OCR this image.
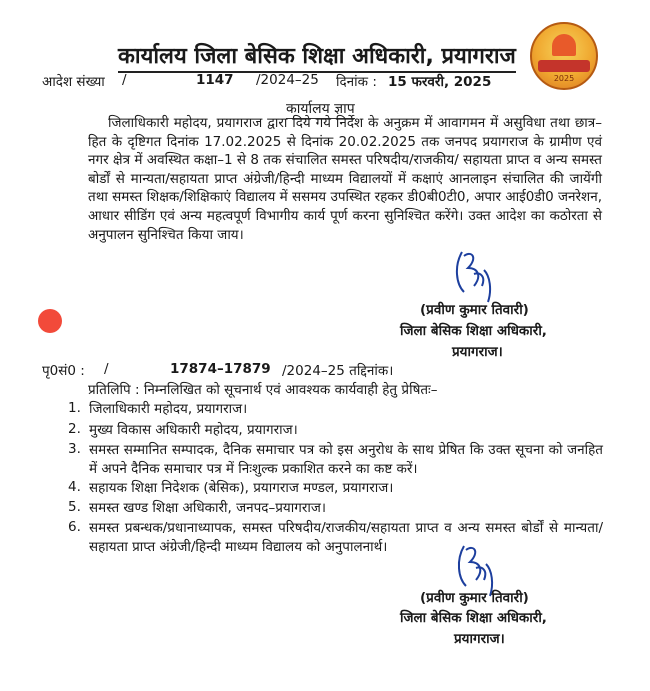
कार्यालय जिला बेसिक शिक्षा अधिकारी, प्रयागराज
2025
आदेश संख्या /	1147 /2024–25 दिनांक : 15 फरवरी, 2025
कार्यालय ज्ञाप
जिलाधिकारी महोदय, प्रयागराज द्वारा दिये गये निर्देश के अनुक्रम में आवागमन में असुविधा तथा छात्र–हित के दृष्टिगत दिनांक 17.02.2025 से दिनांक 20.02.2025 तक जनपद प्रयागराज के ग्रामीण एवं नगर क्षेत्र में अवस्थित कक्षा–1 से 8 तक संचालित समस्त परिषदीय/राजकीय/ सहायता प्राप्त व अन्य समस्त बोर्डों से मान्यता/सहायता प्राप्त अंग्रेजी/हिन्दी माध्यम विद्यालयों में कक्षाएं आनलाइन संचालित की जायेंगी तथा समस्त शिक्षक/शिक्षिकाएं विद्यालय में ससमय उपस्थित रहकर डी0बी0टी0, अपार आई0डी0 जनरेशन, आधार सीडिंग एवं अन्य महत्वपूर्ण विभागीय कार्य पूर्ण करना सुनिश्चित करेंगे। उक्त आदेश का कठोरता से अनुपालन सुनिश्चित किया जाय।
(प्रवीण कुमार तिवारी)
जिला बेसिक शिक्षा अधिकारी,
प्रयागराज।
पृ0सं0 : /	17874–17879 /2024–25 तद्दिनांक।
प्रतिलिपि : निम्नलिखित को सूचनार्थ एवं आवश्यक कार्यवाही हेतु प्रेषितः–
1. जिलाधिकारी महोदय, प्रयागराज।
2. मुख्य विकास अधिकारी महोदय, प्रयागराज।
3. समस्त सम्मानित सम्पादक, दैनिक समाचार पत्र को इस अनुरोध के साथ प्रेषित कि उक्त सूचना को जनहित में अपने दैनिक समाचार पत्र में निःशुल्क प्रकाशित करने का कष्ट करें।
4. सहायक शिक्षा निदेशक (बेसिक), प्रयागराज मण्डल, प्रयागराज।
5. समस्त खण्ड शिक्षा अधिकारी, जनपद–प्रयागराज।
6. समस्त प्रबन्धक/प्रधानाध्यापक, समस्त परिषदीय/राजकीय/सहायता प्राप्त व अन्य समस्त बोर्डों से मान्यता/सहायता प्राप्त अंग्रेजी/हिन्दी माध्यम विद्यालय को अनुपालनार्थ।
(प्रवीण कुमार तिवारी)
जिला बेसिक शिक्षा अधिकारी,
प्रयागराज।
